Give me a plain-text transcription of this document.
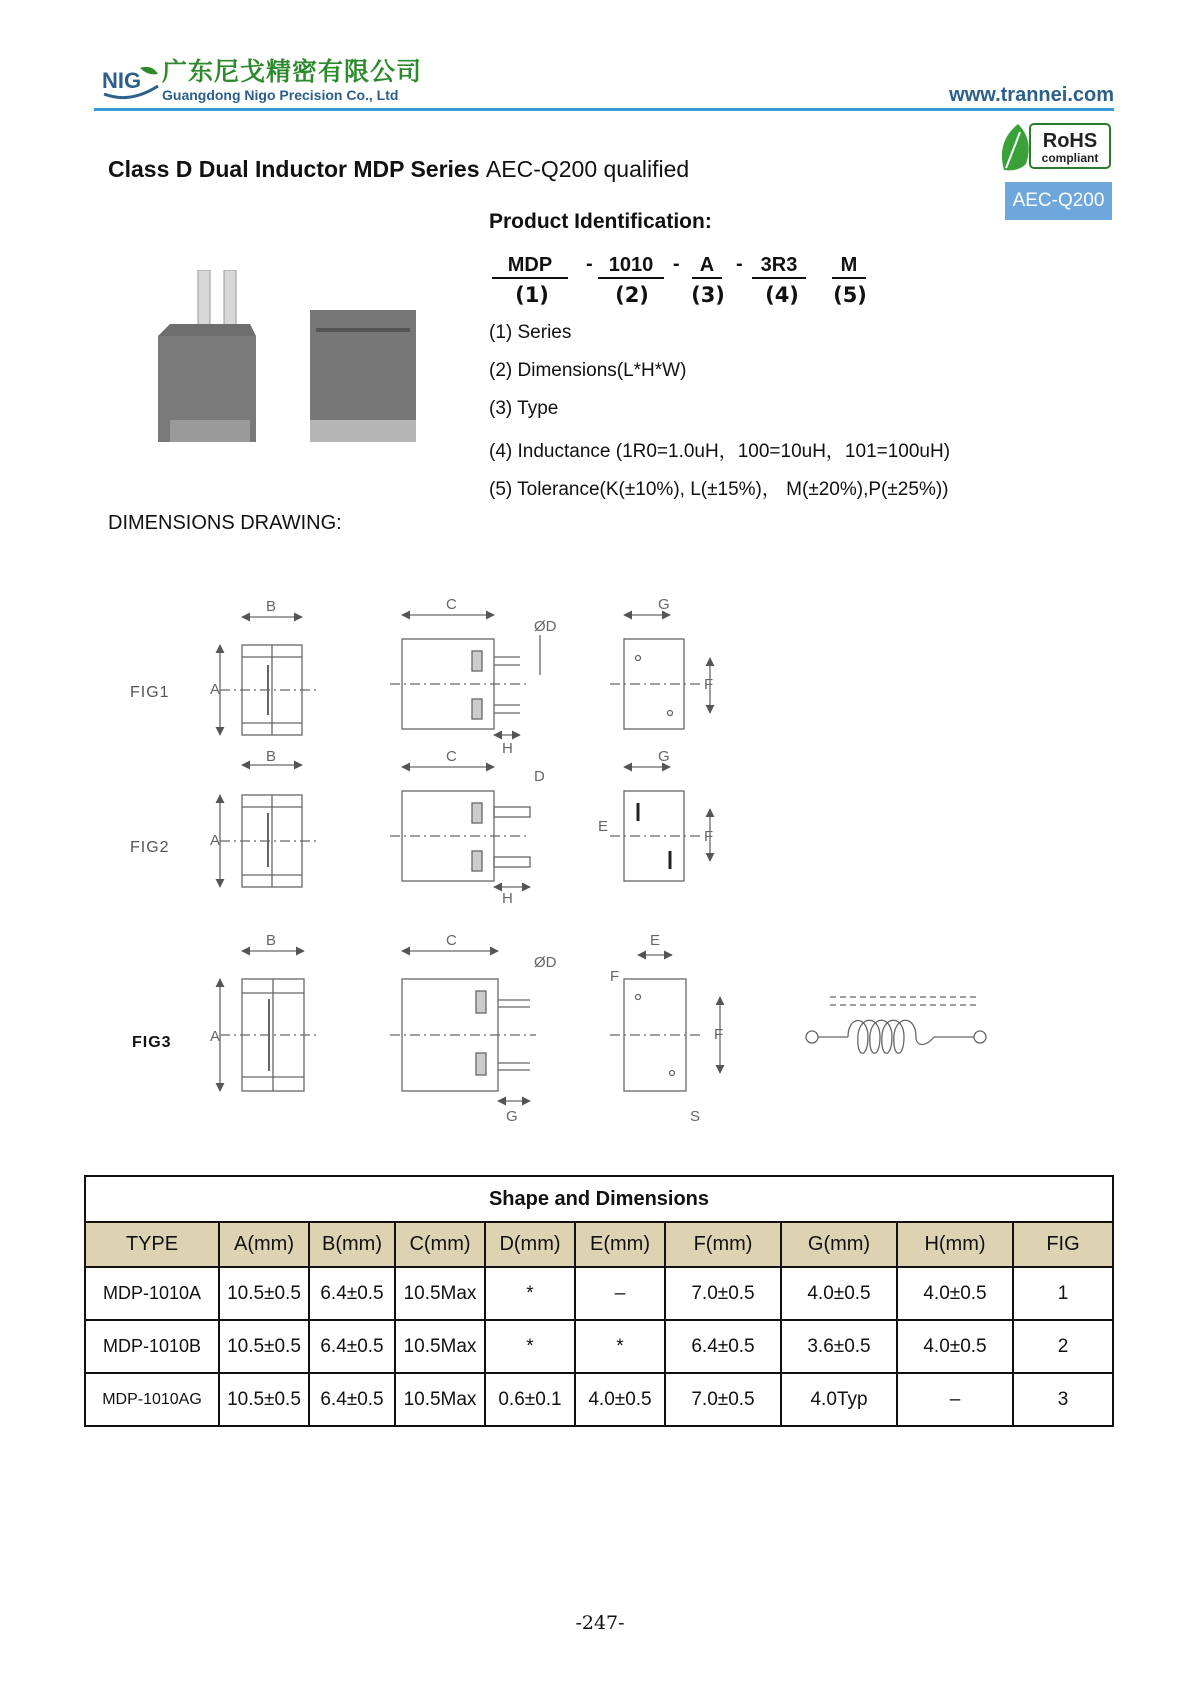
NIG 广东尼戈精密有限公司
Guangdong Nigo Precision Co., Ltd	www.trannei.com
RoHS
compliant
AEC-Q200
Class D Dual Inductor MDP Series AEC-Q200 qualified
Product Identification:
MDP	- 1010 -	A	- 3R3	M
(1)	(2)	(3)	(4)	(5)
(1) Series
(2) Dimensions(L*H*W)
(3) Type
(4) Inductance (1R0=1.0uH，100=10uH，101=100uH)
(5) Tolerance(K(±10%), L(±15%)， M(±20%),P(±25%))
DIMENSIONS DRAWING:
FIG1
FIG2
FIG3
B	C
ØD
G
A	F
H
B	C
D
G
E
A	F
H
B	C
ØD
E
F
A	F
G	S
Shape and Dimensions									
TYPE	A(mm)	B(mm)	C(mm)	D(mm)	E(mm)	F(mm)	G(mm)	H(mm)	FIG
MDP-1010A	10.5±0.5	6.4±0.5	10.5Max	*	–	7.0±0.5	4.0±0.5	4.0±0.5	1
MDP-1010B	10.5±0.5	6.4±0.5	10.5Max	*	*	6.4±0.5	3.6±0.5	4.0±0.5	2
MDP-1010AG	10.5±0.5	6.4±0.5	10.5Max	0.6±0.1	4.0±0.5	7.0±0.5	4.0Typ	–	3
-247-
